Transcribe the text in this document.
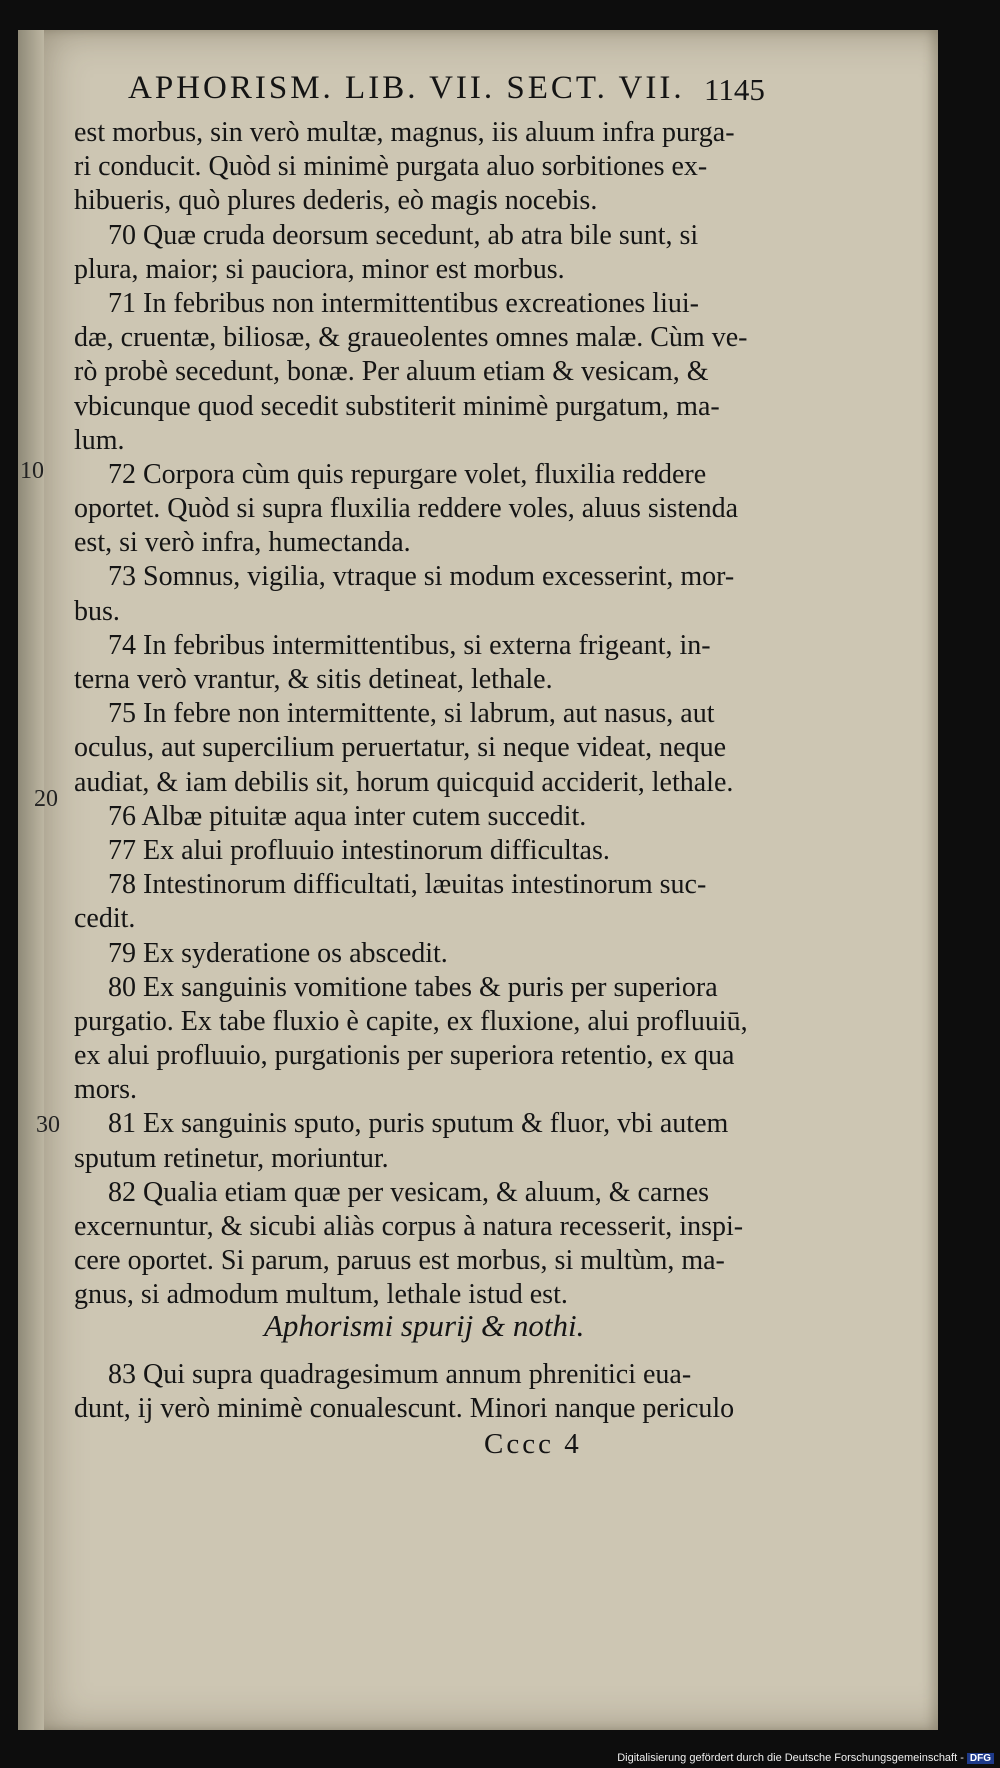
APHORISM. LIB. VII. SECT. VII. 1145
est morbus, sin verò multæ, magnus, iis aluum infra purga-
ri conducit. Quòd si minimè purgata aluo sorbitiones ex-
hibueris, quò plures dederis, eò magis nocebis.
70 Quæ cruda deorsum secedunt, ab atra bile sunt, si
plura, maior; si pauciora, minor est morbus.
71 In febribus non intermittentibus excreationes liui-
dæ, cruentæ, biliosæ, & graueolentes omnes malæ. Cùm ve-
rò probè secedunt, bonæ. Per aluum etiam & vesicam, &
vbicunque quod secedit substiterit minimè purgatum, ma-
lum.
72 Corpora cùm quis repurgare volet, fluxilia reddere
oportet. Quòd si supra fluxilia reddere voles, aluus sistenda
est, si verò infra, humectanda.
73 Somnus, vigilia, vtraque si modum excesserint, mor-
bus.
74 In febribus intermittentibus, si externa frigeant, in-
terna verò vrantur, & sitis detineat, lethale.
75 In febre non intermittente, si labrum, aut nasus, aut
oculus, aut supercilium peruertatur, si neque videat, neque
audiat, & iam debilis sit, horum quicquid acciderit, lethale.
76 Albæ pituitæ aqua inter cutem succedit.
77 Ex alui profluuio intestinorum difficultas.
78 Intestinorum difficultati, læuitas intestinorum suc-
cedit.
79 Ex syderatione os abscedit.
80 Ex sanguinis vomitione tabes & puris per superiora
purgatio. Ex tabe fluxio è capite, ex fluxione, alui profluuiū,
ex alui profluuio, purgationis per superiora retentio, ex qua
mors.
81 Ex sanguinis sputo, puris sputum & fluor, vbi autem
sputum retinetur, moriuntur.
82 Qualia etiam quæ per vesicam, & aluum, & carnes
excernuntur, & sicubi aliàs corpus à natura recesserit, inspi-
cere oportet. Si parum, paruus est morbus, si multùm, ma-
gnus, si admodum multum, lethale istud est.
10
20
30
Aphorismi spurij & nothi.
83 Qui supra quadragesimum annum phrenitici eua-
dunt, ij verò minimè conualescunt. Minori nanque periculo
Cccc 4
Digitalisierung gefördert durch die Deutsche Forschungsgemeinschaft - DFG
